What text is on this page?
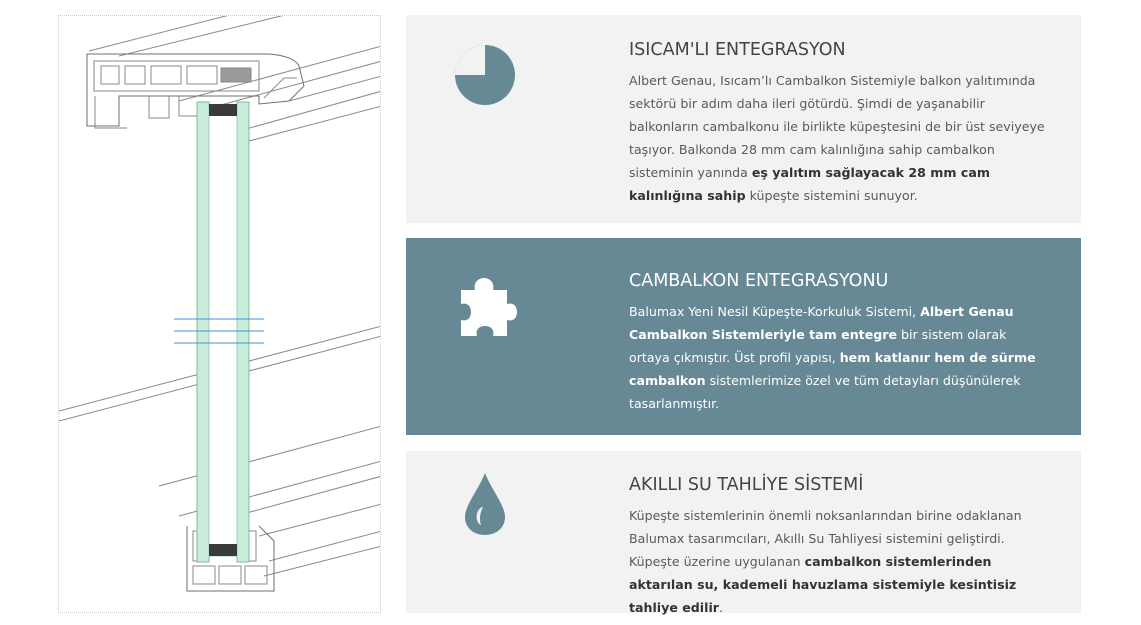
ISICAM'LI ENTEGRASYON

Albert Genau, Isıcam’lı Cambalkon Sistemiyle balkon yalıtımında sektörü bir adım daha ileri götürdü. Şimdi de yaşanabilir balkonların cambalkonu ile birlikte küpeştesini de bir üst seviyeye taşıyor. Balkonda 28 mm cam kalınlığına sahip cambalkon sisteminin yanında eş yalıtım sağlayacak 28 mm cam kalınlığına sahip küpeşte sistemini sunuyor.

CAMBALKON ENTEGRASYONU

Balumax Yeni Nesil Küpeşte-Korkuluk Sistemi, Albert Genau Cambalkon Sistemleriyle tam entegre bir sistem olarak ortaya çıkmıştır. Üst profil yapısı, hem katlanır hem de sürme cambalkon sistemlerimize özel ve tüm detayları düşünülerek tasarlanmıştır.

AKILLI SU TAHLİYE SİSTEMİ

Küpeşte sistemlerinin önemli noksanlarından birine odaklanan Balumax tasarımcıları, Akıllı Su Tahliyesi sistemini geliştirdi. Küpeşte üzerine uygulanan cambalkon sistemlerinden aktarılan su, kademeli havuzlama sistemiyle kesintisiz tahliye edilir.
